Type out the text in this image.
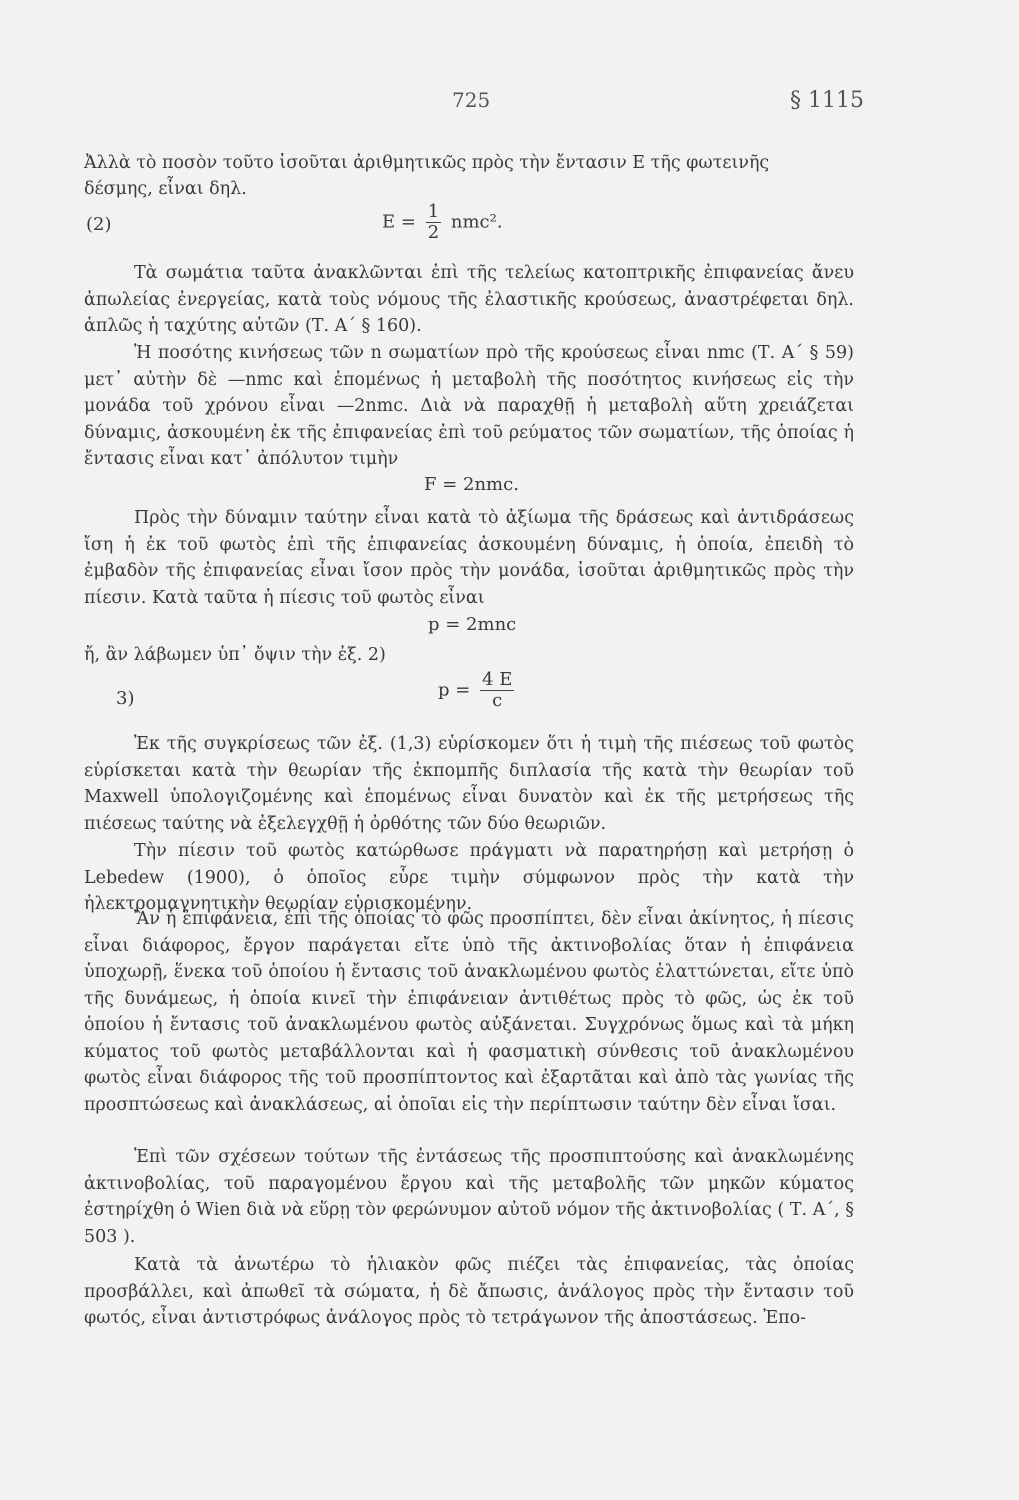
725	§ 1115
Ἀλλὰ τὸ ποσὸν τοῦτο ἰσοῦται ἀριθμητικῶς πρὸς τὴν ἔντασιν Ε τῆς φωτεινῆς
δέσμης, εἶναι δηλ.
(2)	$E = \frac{1}{2} nmc^2$.
Τὰ σωμάτια ταῦτα ἀνακλῶνται ἐπὶ τῆς τελείως κατοπτρικῆς ἐπιφανείας ἄνευ ἀπωλείας ἐνεργείας, κατὰ τοὺς νόμους τῆς ἐλαστικῆς κρούσεως, ἀναστρέφεται δηλ. ἁπλῶς ἡ ταχύτης αὐτῶν (Τ. Α΄ § 160).
Ἡ ποσότης κινήσεως τῶν n σωματίων πρὸ τῆς κρούσεως εἶναι nmc (Τ. Α΄ § 59) μετ᾽ αὐτὴν δὲ —nmc καὶ ἑπομένως ἡ μεταβολὴ τῆς ποσότητος κινήσεως εἰς τὴν μονάδα τοῦ χρόνου εἶναι —2nmc. Διὰ νὰ παραχθῇ ἡ μεταβολὴ αὕτη χρειάζεται δύναμις, ἀσκουμένη ἐκ τῆς ἐπιφανείας ἐπὶ τοῦ ρεύματος τῶν σωματίων, τῆς ὁποίας ἡ ἔντασις εἶναι κατ᾽ ἀπόλυτον τιμὴν
F = 2nmc.
Πρὸς τὴν δύναμιν ταύτην εἶναι κατὰ τὸ ἀξίωμα τῆς δράσεως καὶ ἀντιδράσεως ἴση ἡ ἐκ τοῦ φωτὸς ἐπὶ τῆς ἐπιφανείας ἀσκουμένη δύναμις, ἡ ὁποία, ἐπειδὴ τὸ ἐμβαδὸν τῆς ἐπιφανείας εἶναι ἴσον πρὸς τὴν μονάδα, ἰσοῦται ἀριθμητικῶς πρὸς τὴν πίεσιν. Κατὰ ταῦτα ἡ πίεσις τοῦ φωτὸς εἶναι
p = 2mnc
ἤ, ἂν λάβωμεν ὑπ᾽ ὄψιν τὴν ἐξ. 2)
3)	$p = \frac{4 E}{c}$
Ἐκ τῆς συγκρίσεως τῶν ἐξ. (1,3) εὑρίσκομεν ὅτι ἡ τιμὴ τῆς πιέσεως τοῦ φωτὸς εὑρίσκεται κατὰ τὴν θεωρίαν τῆς ἐκπομπῆς διπλασία τῆς κατὰ τὴν θεωρίαν τοῦ Maxwell ὑπολογιζομένης καὶ ἑπομένως εἶναι δυνατὸν καὶ ἐκ τῆς μετρήσεως τῆς πιέσεως ταύτης νὰ ἐξελεγχθῇ ἡ ὀρθότης τῶν δύο θεωριῶν.
Τὴν πίεσιν τοῦ φωτὸς κατώρθωσε πράγματι νὰ παρατηρήσῃ καὶ μετρήσῃ ὁ Lebedew (1900), ὁ ὁποῖος εὗρε τιμὴν σύμφωνον πρὸς τὴν κατὰ τὴν ἠλεκτρομαγνητικὴν θεωρίαν εὑρισκομένην.
Ἂν ἡ ἐπιφάνεια, ἐπὶ τῆς ὁποίας τὸ φῶς προσπίπτει, δὲν εἶναι ἀκίνητος, ἡ πίεσις εἶναι διάφορος, ἔργον παράγεται εἴτε ὑπὸ τῆς ἀκτινοβολίας ὅταν ἡ ἐπιφάνεια ὑποχωρῇ, ἕνεκα τοῦ ὁποίου ἡ ἔντασις τοῦ ἀνακλωμένου φωτὸς ἐλαττώνεται, εἴτε ὑπὸ τῆς δυνάμεως, ἡ ὁποία κινεῖ τὴν ἐπιφάνειαν ἀντιθέτως πρὸς τὸ φῶς, ὡς ἐκ τοῦ ὁποίου ἡ ἔντασις τοῦ ἀνακλωμένου φωτὸς αὐξάνεται. Συγχρόνως ὅμως καὶ τὰ μήκη κύματος τοῦ φωτὸς μεταβάλλονται καὶ ἡ φασματικὴ σύνθεσις τοῦ ἀνακλωμένου φωτὸς εἶναι διάφορος τῆς τοῦ προσπίπτοντος καὶ ἐξαρτᾶται καὶ ἀπὸ τὰς γωνίας τῆς προσπτώσεως καὶ ἀνακλάσεως, αἱ ὁποῖαι εἰς τὴν περίπτωσιν ταύτην δὲν εἶναι ἴσαι.
Ἐπὶ τῶν σχέσεων τούτων τῆς ἐντάσεως τῆς προσπιπτούσης καὶ ἀνακλωμένης ἀκτινοβολίας, τοῦ παραγομένου ἔργου καὶ τῆς μεταβολῆς τῶν μηκῶν κύματος ἐστηρίχθη ὁ Wien διὰ νὰ εὕρῃ τὸν φερώνυμον αὐτοῦ νόμον τῆς ἀκτινοβολίας ( Τ. Α΄, § 503 ).
Κατὰ τὰ ἀνωτέρω τὸ ἡλιακὸν φῶς πιέζει τὰς ἐπιφανείας, τὰς ὁποίας προσβάλλει, καὶ ἀπωθεῖ τὰ σώματα, ἡ δὲ ἄπωσις, ἀνάλογος πρὸς τὴν ἔντασιν τοῦ φωτός, εἶναι ἀντιστρόφως ἀνάλογος πρὸς τὸ τετράγωνον τῆς ἀποστάσεως. Ἐπο-
